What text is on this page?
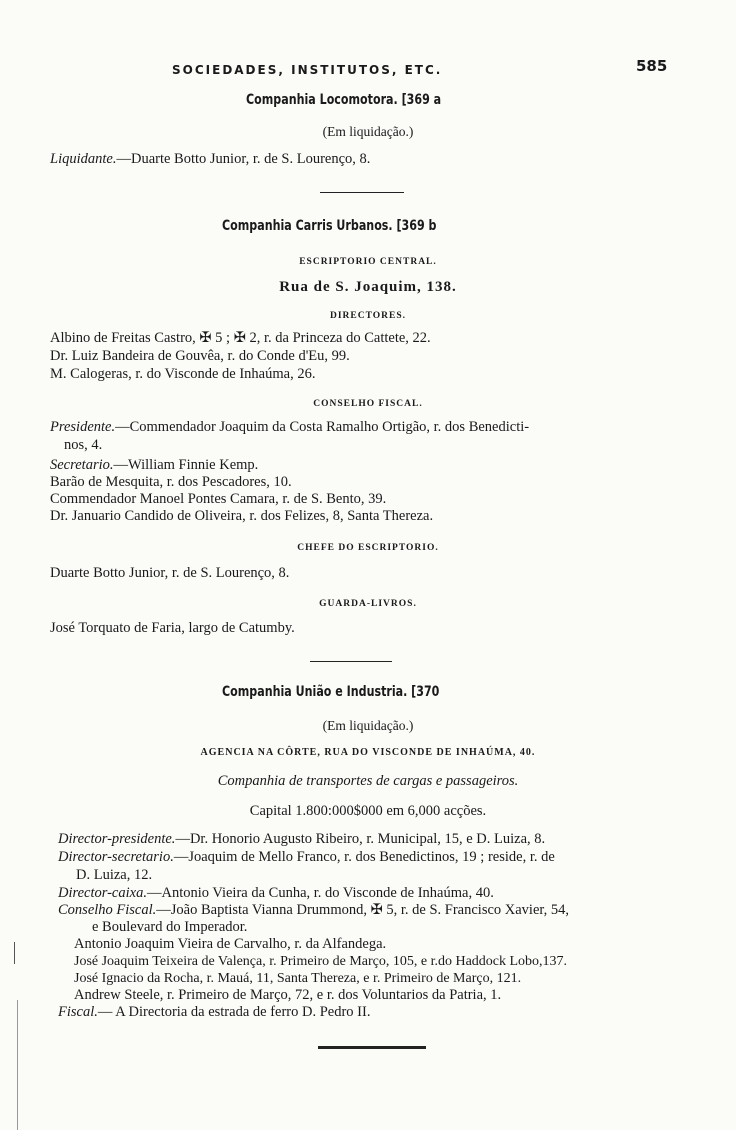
SOCIEDADES, INSTITUTOS, ETC.	585
Companhia Locomotora. [369 a
(Em liquidação.)
Liquidante.—Duarte Botto Junior, r. de S. Lourenço, 8.
Companhia Carris Urbanos. [369 b
ESCRIPTORIO CENTRAL.
Rua de S. Joaquim, 138.
DIRECTORES.
Albino de Freitas Castro, ✠ 5 ; ✠ 2, r. da Princeza do Cattete, 22.
Dr. Luiz Bandeira de Gouvêa, r. do Conde d'Eu, 99.
M. Calogeras, r. do Visconde de Inhaúma, 26.
CONSELHO FISCAL.
Presidente.—Commendador Joaquim da Costa Ramalho Ortigão, r. dos Benedicti-
nos, 4.
Secretario.—William Finnie Kemp.
Barão de Mesquita, r. dos Pescadores, 10.
Commendador Manoel Pontes Camara, r. de S. Bento, 39.
Dr. Januario Candido de Oliveira, r. dos Felizes, 8, Santa Thereza.
CHEFE DO ESCRIPTORIO.
Duarte Botto Junior, r. de S. Lourenço, 8.
GUARDA-LIVROS.
José Torquato de Faria, largo de Catumby.
Companhia União e Industria. [370
(Em liquidação.)
AGENCIA NA CÔRTE, RUA DO VISCONDE DE INHAÚMA, 40.
Companhia de transportes de cargas e passageiros.
Capital 1.800:000$000 em 6,000 acções.
Director-presidente.—Dr. Honorio Augusto Ribeiro, r. Municipal, 15, e D. Luiza, 8.
Director-secretario.—Joaquim de Mello Franco, r. dos Benedictinos, 19 ; reside, r. de
D. Luiza, 12.
Director-caixa.—Antonio Vieira da Cunha, r. do Visconde de Inhaúma, 40.
Conselho Fiscal.—João Baptista Vianna Drummond, ✠ 5, r. de S. Francisco Xavier, 54,
e Boulevard do Imperador.
Antonio Joaquim Vieira de Carvalho, r. da Alfandega.
José Joaquim Teixeira de Valença, r. Primeiro de Março, 105, e r.do Haddock Lobo,137.
José Ignacio da Rocha, r. Mauá, 11, Santa Thereza, e r. Primeiro de Março, 121.
Andrew Steele, r. Primeiro de Março, 72, e r. dos Voluntarios da Patria, 1.
Fiscal.— A Directoria da estrada de ferro D. Pedro II.
